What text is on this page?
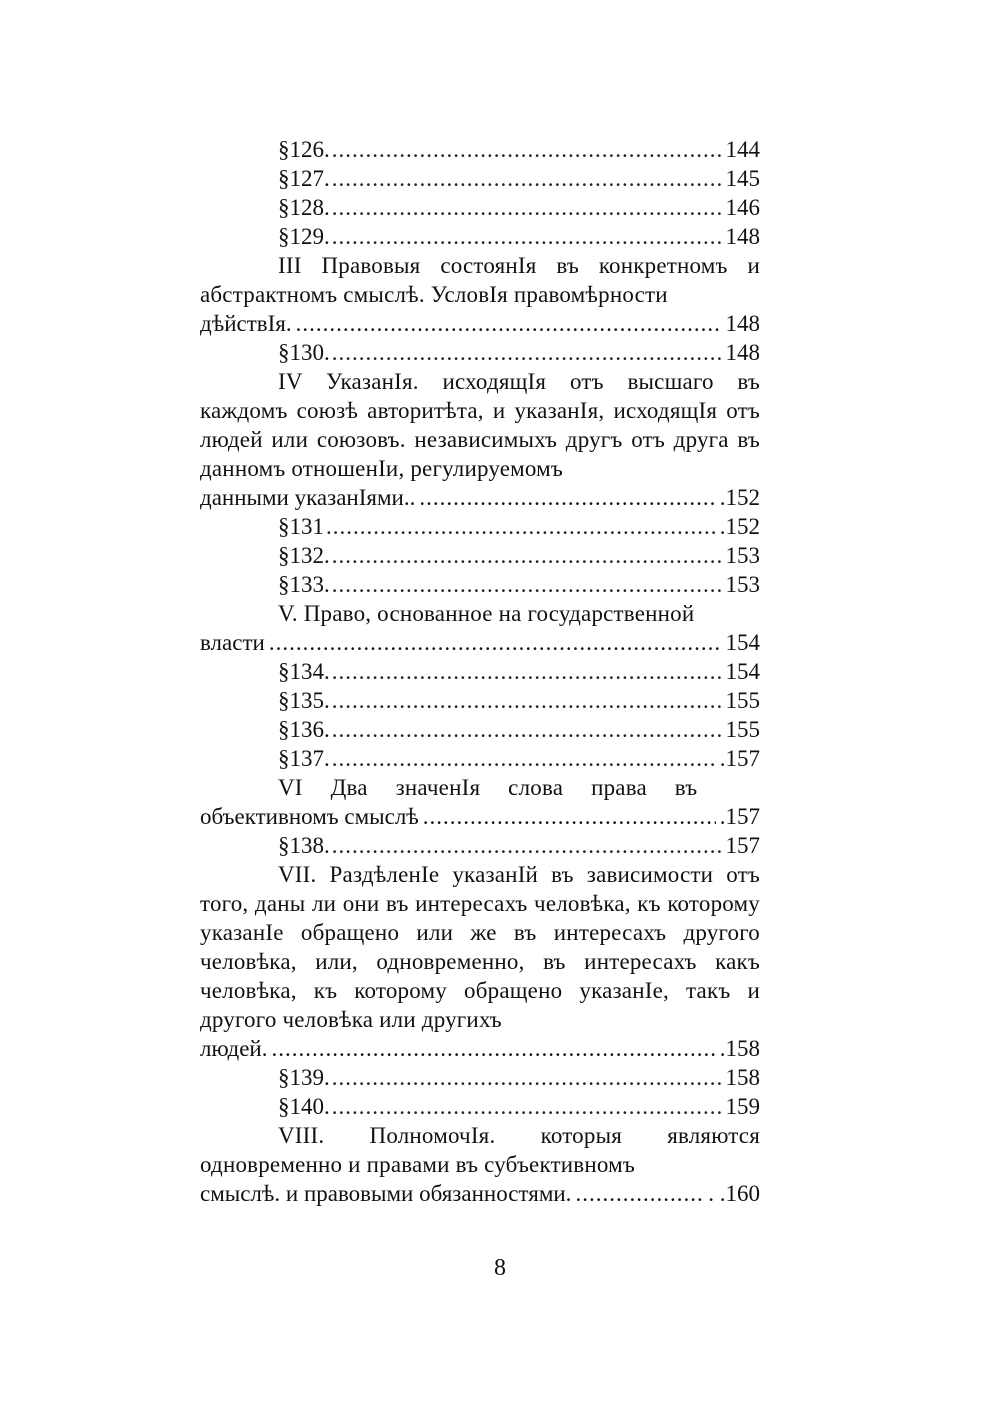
§126. .....	144
§127. .....	145
§128. .....	146
§129. .....	148
III Правовыя состоянIя въ конкретномъ и абстрактномъ смыслѣ. УсловIя правомѣрности
дѣйствIя. .....	148
§130. .....	148
IV УказанIя. исходящIя отъ высшаго въ каждомъ союзѣ авторитѣта, и указанIя, исходящIя отъ людей или союзовъ. независимыхъ другъ отъ друга въ данномъ отношенIи, регулируемомъ
данными указанIями.. .....	.152
§131 .....	.152
§132. .....	153
§133. .....	153
V. Право, основанное на государственной
власти .....	154
§134. .....	154
§135. .....	155
§136. .....	155
§137. .....	.157
VI Два значенIя слова права въ
объективномъ смыслѣ .....	.157
§138. .....	157
VII. РаздѣленIе указанIй въ зависимости отъ того, даны ли они въ интересахъ человѣка, къ которому указанIе обращено или же въ интересахъ другого человѣка, или, одновременно, въ интересахъ какъ человѣка, къ которому обращено указанIе, такъ и другого человѣка или другихъ
людей. .....	.158
§139. .....	158
§140. .....	159
VIII. ПолномочIя. которыя являются одновременно и правами въ субъективномъ
смыслѣ. и правовыми обязанностями. .....	. .160
8
